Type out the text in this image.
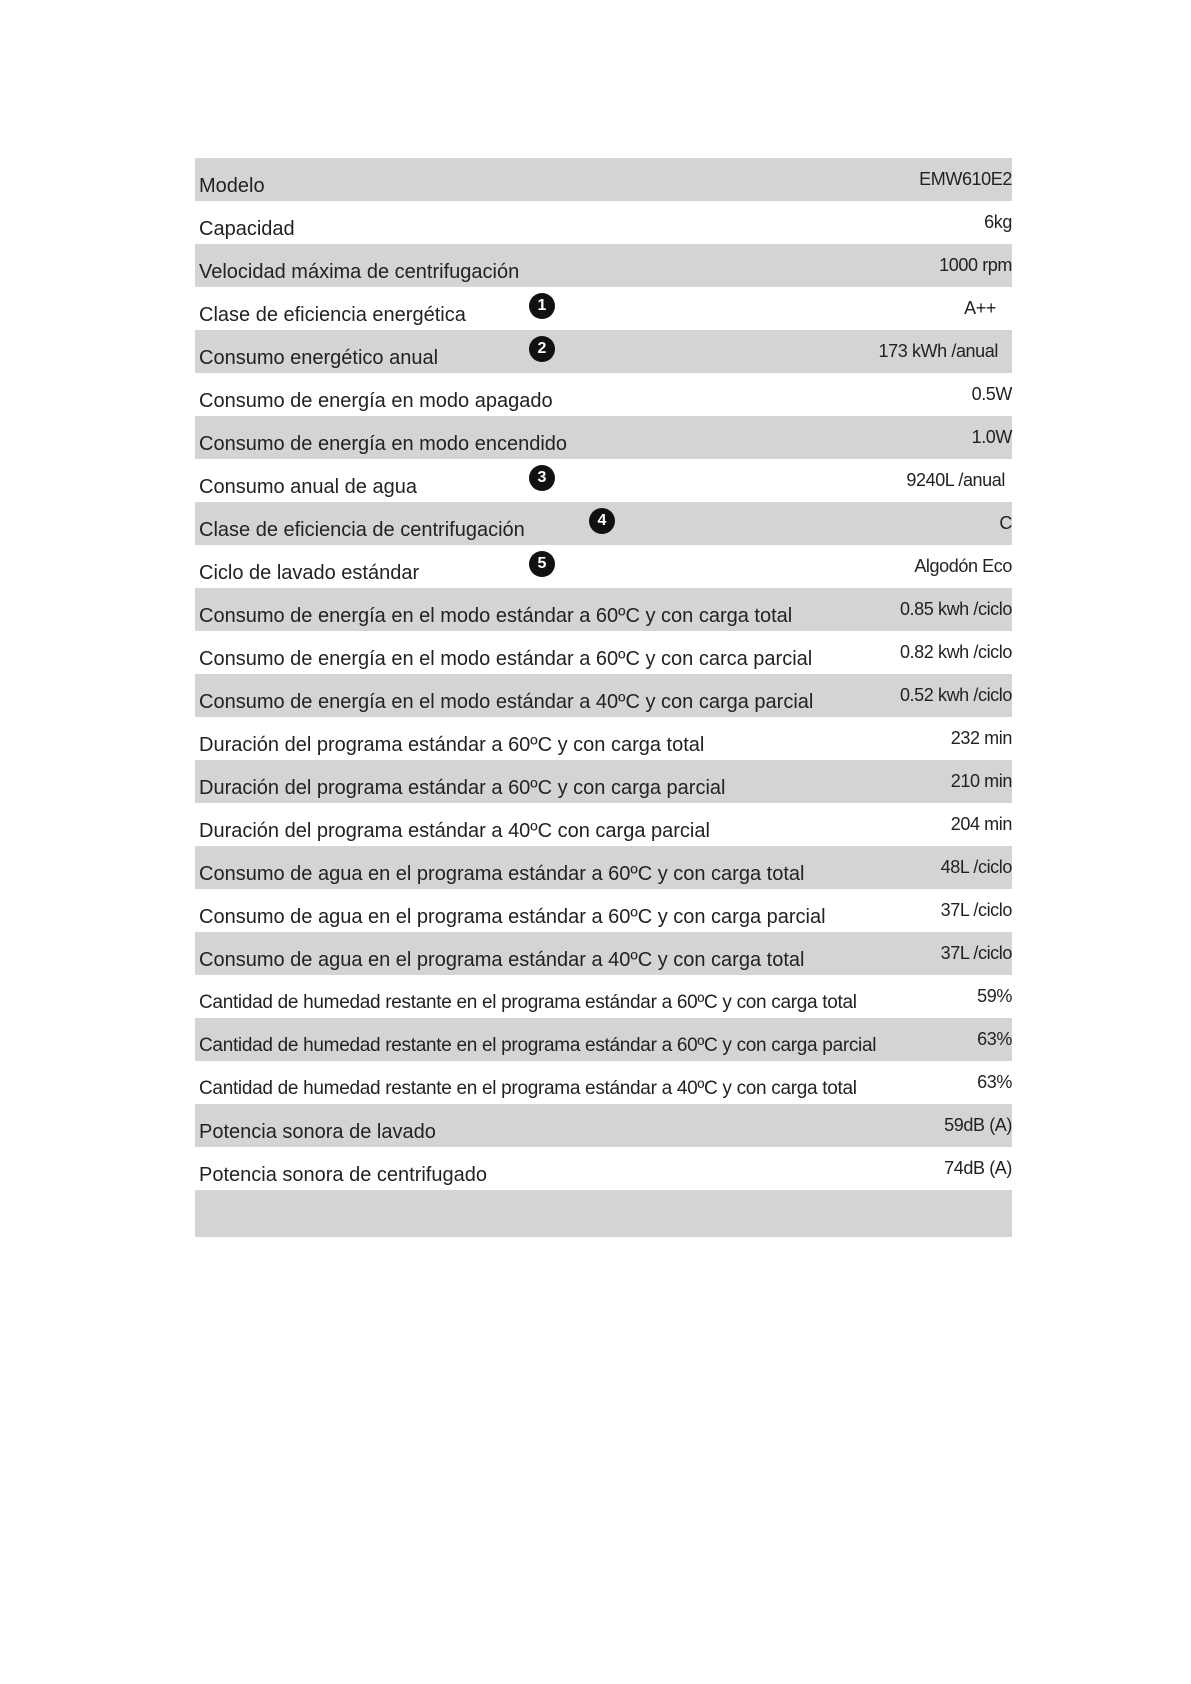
Modelo	EMW610E2
Capacidad	6kg
Velocidad máxima de centrifugación	1000 rpm
Clase de eficiencia energética	1	A++
Consumo energético anual	2	173 kWh /anual
Consumo de energía en modo apagado	0.5W
Consumo de energía en modo encendido	1.0W
Consumo anual de agua	3	9240L /anual
Clase de eficiencia de centrifugación	4	C
Ciclo de lavado estándar	5	Algodón Eco
Consumo de energía en el modo estándar a 60ºC y con carga total	0.85 kwh /ciclo
Consumo de energía en el modo estándar a 60ºC y con carca parcial	0.82 kwh /ciclo
Consumo de energía en el modo estándar a 40ºC y con carga parcial	0.52 kwh /ciclo
Duración del programa estándar a 60ºC y con carga total	232 min
Duración del programa estándar a 60ºC y con carga parcial	210 min
Duración del programa estándar a 40ºC con carga parcial	204 min
Consumo de agua en el programa estándar a 60ºC y con carga total	48L /ciclo
Consumo de agua en el programa estándar a 60ºC y con carga parcial	37L /ciclo
Consumo de agua en el programa estándar a 40ºC y con carga total	37L /ciclo
Cantidad de humedad restante en el programa estándar a 60ºC y con carga total	59%
Cantidad de humedad restante en el programa estándar a 60ºC y con carga parcial	63%
Cantidad de humedad restante en el programa estándar a 40ºC y con carga total	63%
Potencia sonora de lavado	59dB (A)
Potencia sonora de centrifugado	74dB (A)
